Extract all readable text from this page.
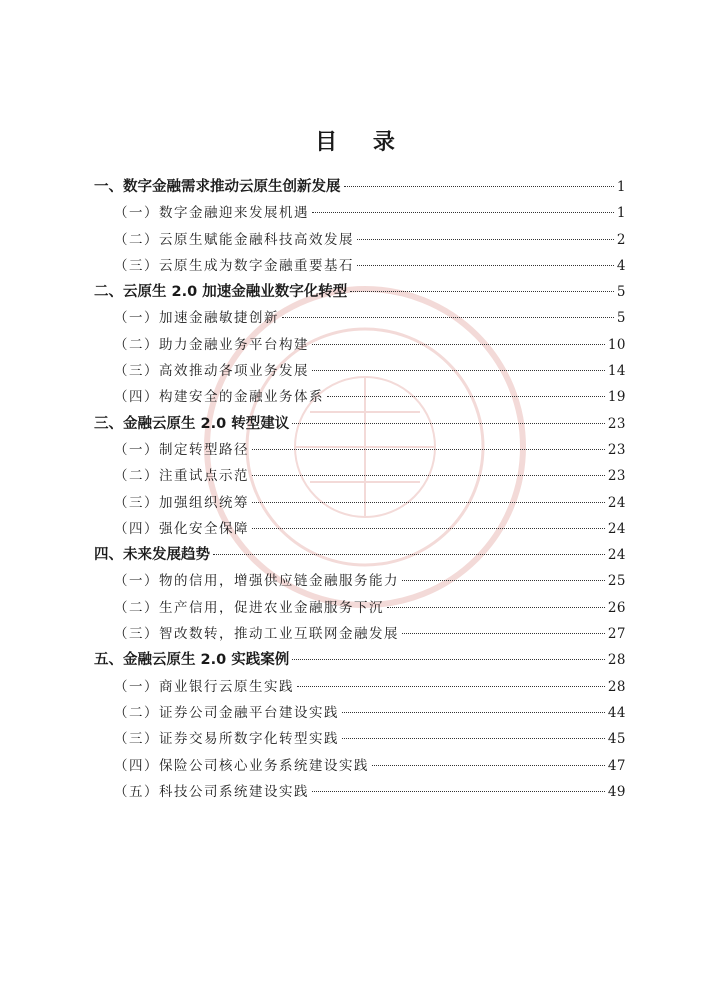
目 录
一、数字金融需求推动云原生创新发展	1
（一）数字金融迎来发展机遇	1
（二）云原生赋能金融科技高效发展	2
（三）云原生成为数字金融重要基石	4
二、云原生 2.0 加速金融业数字化转型	5
（一）加速金融敏捷创新	5
（二）助力金融业务平台构建	10
（三）高效推动各项业务发展	14
（四）构建安全的金融业务体系	19
三、金融云原生 2.0 转型建议	23
（一）制定转型路径	23
（二）注重试点示范	23
（三）加强组织统筹	24
（四）强化安全保障	24
四、未来发展趋势	24
（一）物的信用，增强供应链金融服务能力	25
（二）生产信用，促进农业金融服务下沉	26
（三）智改数转，推动工业互联网金融发展	27
五、金融云原生 2.0 实践案例	28
（一）商业银行云原生实践	28
（二）证券公司金融平台建设实践	44
（三）证券交易所数字化转型实践	45
（四）保险公司核心业务系统建设实践	47
（五）科技公司系统建设实践	49
